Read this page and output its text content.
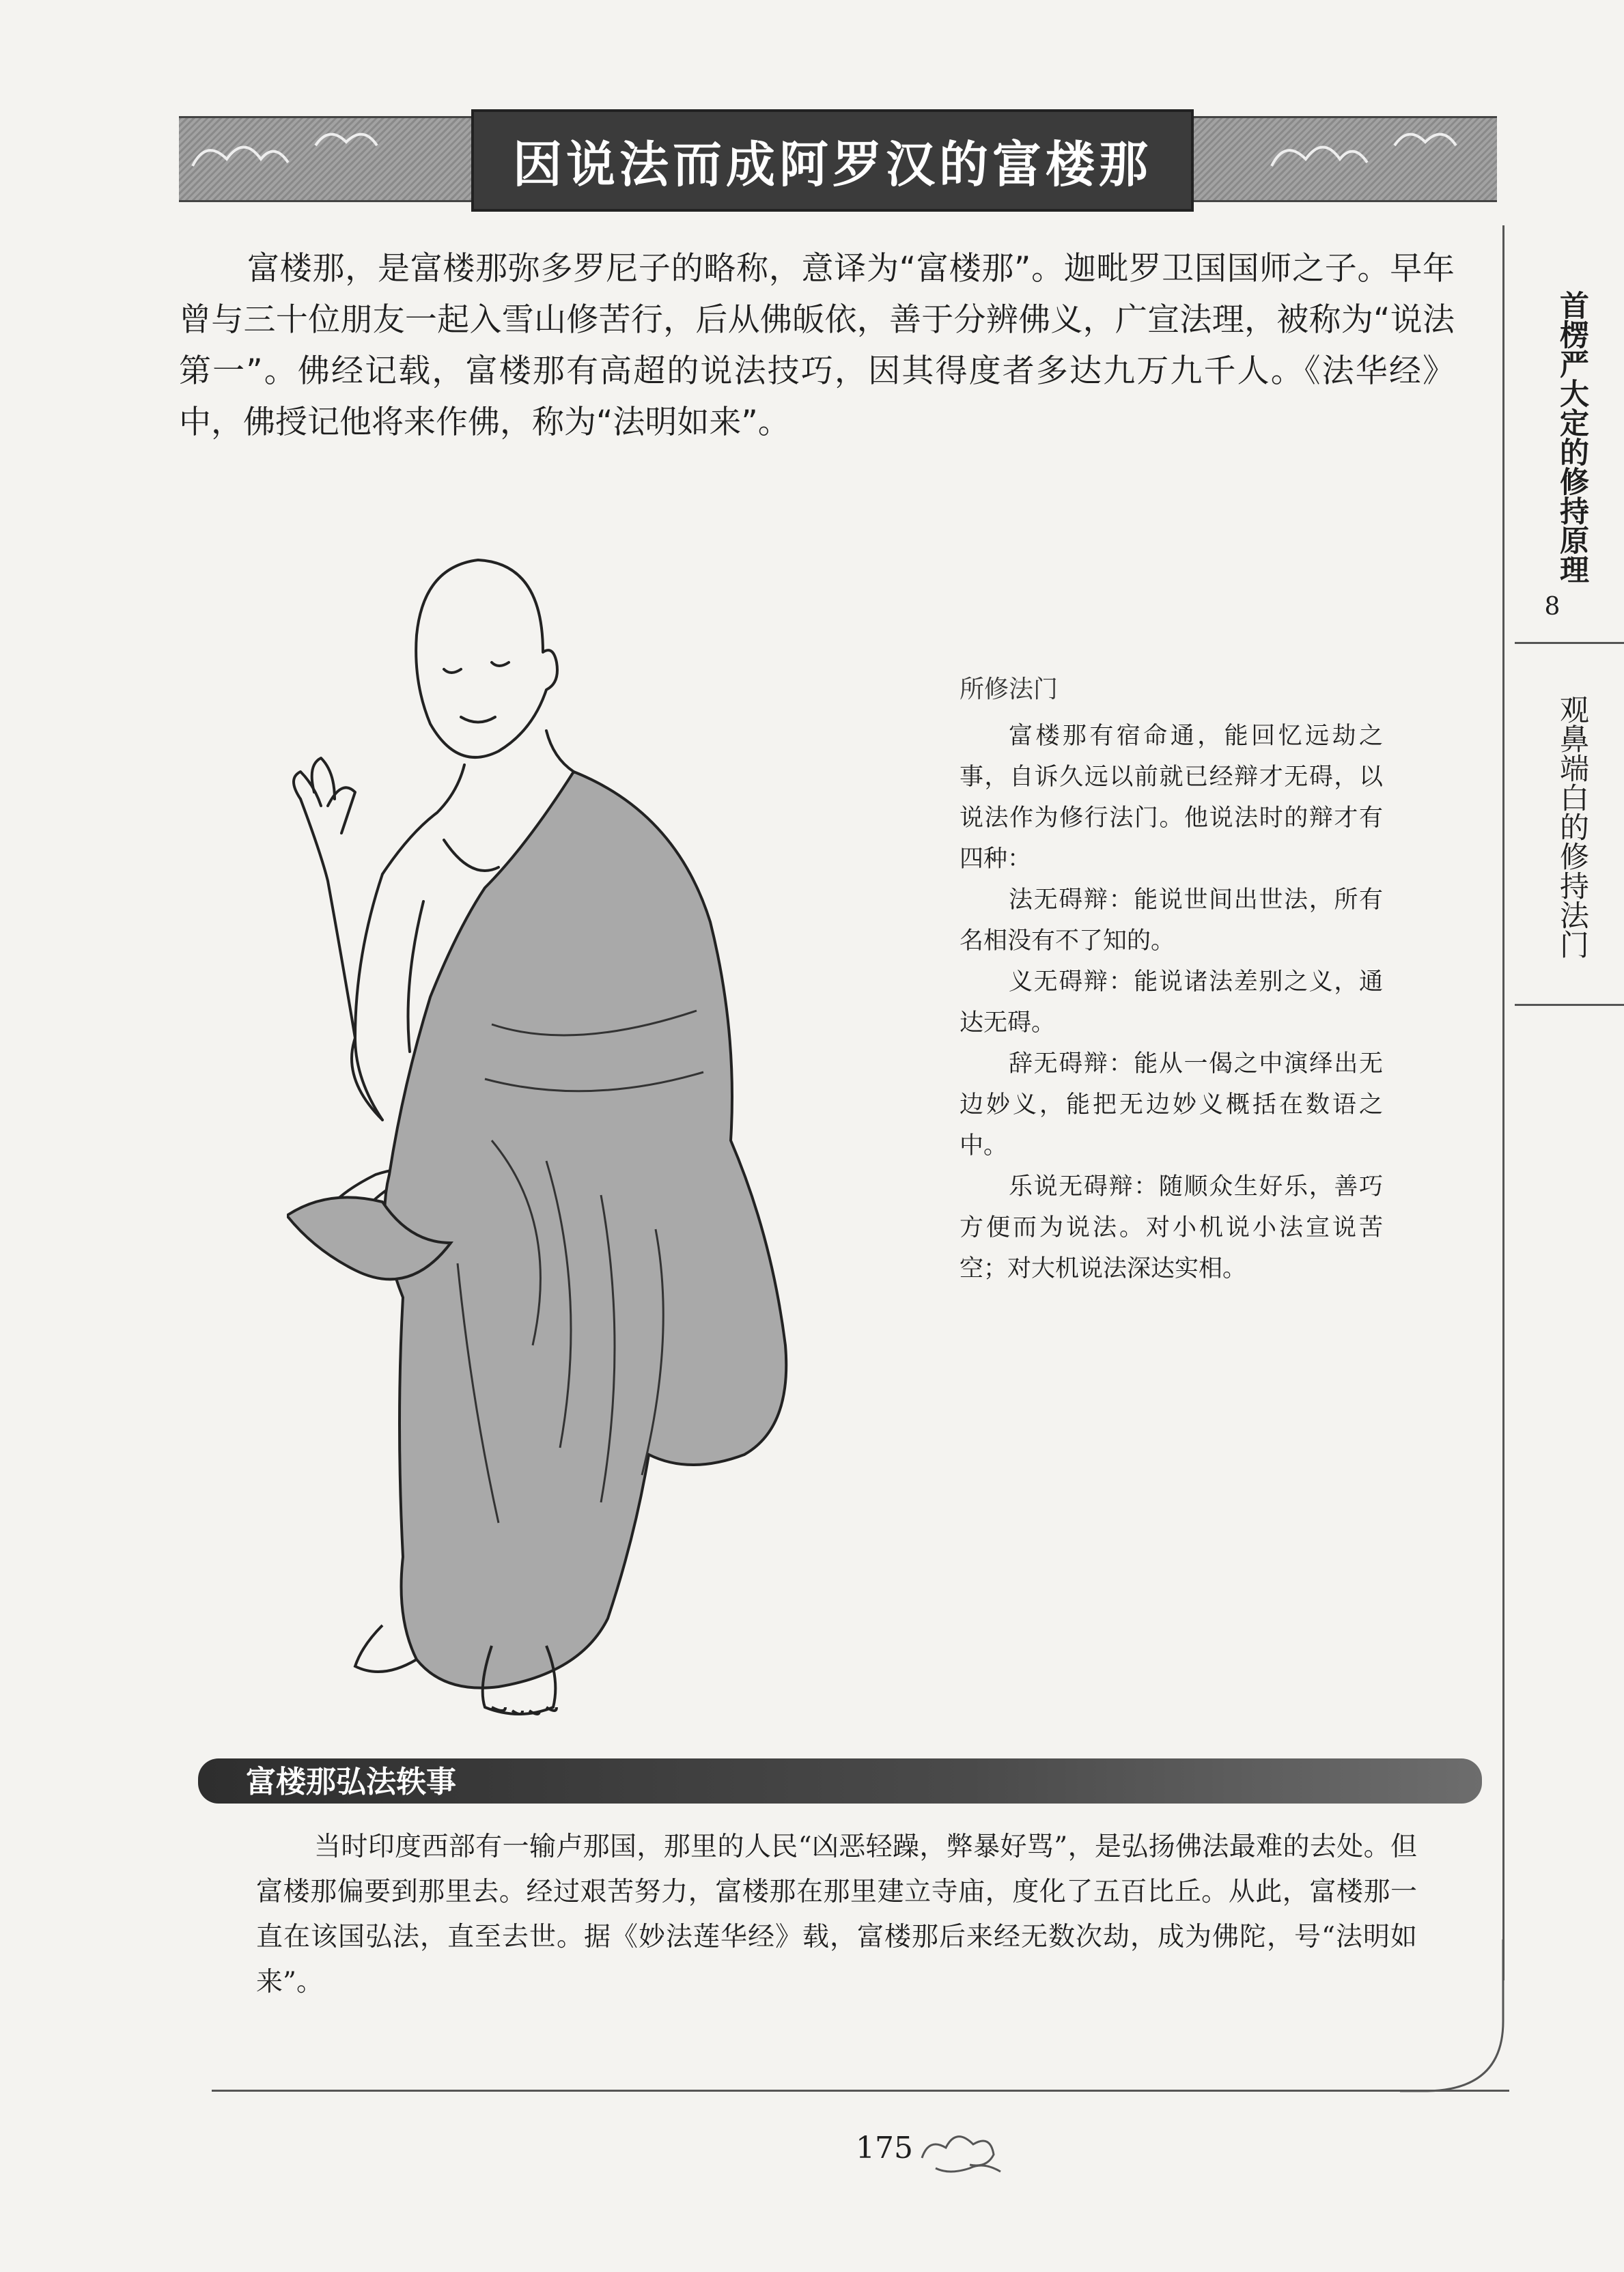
因说法而成阿罗汉的富楼那
富楼那，是富楼那弥多罗尼子的略称，意译为“富楼那”。迦毗罗卫国国师之子。早年曾与三十位朋友一起入雪山修苦行，后从佛皈依，善于分辨佛义，广宣法理，被称为“说法第一”。佛经记载，富楼那有高超的说法技巧，因其得度者多达九万九千人。《法华经》中，佛授记他将来作佛，称为“法明如来”。	首楞严大定的修持原理
8
观鼻端白的修持法门
所修法门

富楼那有宿命通，能回忆远劫之事，自诉久远以前就已经辩才无碍，以说法作为修行法门。他说法时的辩才有四种：

法无碍辩：能说世间出世法，所有名相没有不了知的。

义无碍辩：能说诸法差别之义，通达无碍。

辞无碍辩：能从一偈之中演绎出无边妙义，能把无边妙义概括在数语之中。

乐说无碍辩：随顺众生好乐，善巧方便而为说法。对小机说小法宣说苦空；对大机说法深达实相。

富楼那弘法轶事
当时印度西部有一输卢那国，那里的人民“凶恶轻躁，弊暴好骂”，是弘扬佛法最难的去处。但富楼那偏要到那里去。经过艰苦努力，富楼那在那里建立寺庙，度化了五百比丘。从此，富楼那一直在该国弘法，直至去世。据《妙法莲华经》载，富楼那后来经无数次劫，成为佛陀，号“法明如来”。
175
